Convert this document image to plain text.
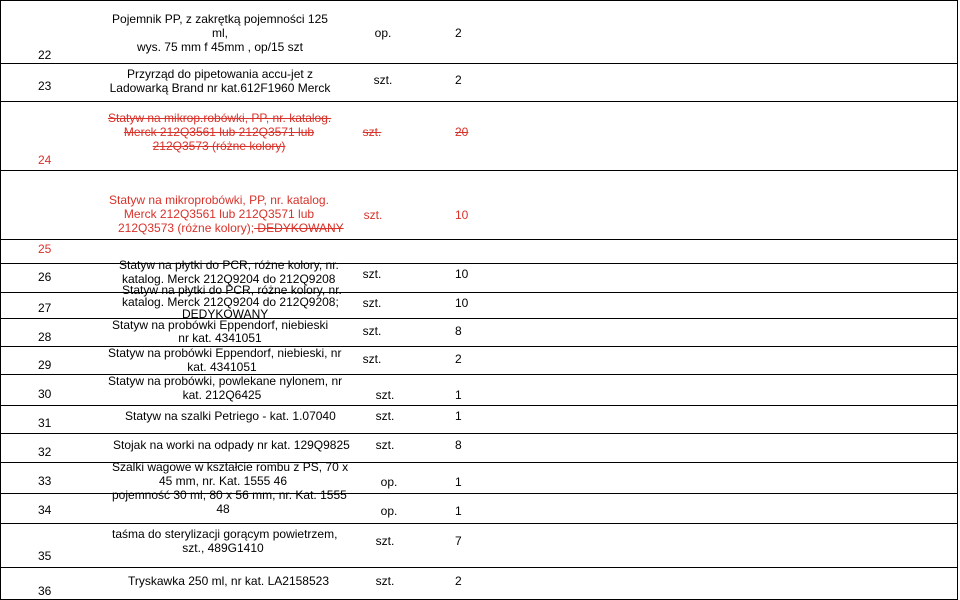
22
Pojemnik PP, z zakrętką pojemności 125
ml,
wys. 75 mm f 45mm , op/15 szt
op.	2
23
Przyrząd do pipetowania accu-jet z
Ladowarką Brand nr kat.612F1960 Merck
szt.	2
24
Statyw na mikrop.robówki, PP, nr. katalog.
Merck 212Q3561 lub 212Q3571 lub
212Q3573 (różne kolory)
szt.	20
25
Statyw na mikroprobówki, PP, nr. katalog.
Merck 212Q3561 lub 212Q3571 lub
212Q3573 (różne kolory); DEDYKOWANY
szt.	10
26
Statyw na płytki do PCR, różne kolory, nr.
katalog. Merck 212Q9204 do 212Q9208	szt.	10
27
Statyw na płytki do PCR, różne kolory, nr.
katalog. Merck 212Q9204 do 212Q9208;
DEDYKOWANY
szt.	10
28
Statyw na probówki Eppendorf, niebieski
nr kat. 4341051	szt.	8
29
Statyw na probówki Eppendorf, niebieski, nr
kat. 4341051
szt.	2
30
Statyw na probówki, powlekane nylonem, nr
kat. 212Q6425	szt.	1
31	Statyw na szalki Petriego - kat. 1.07040	szt.	1
32	Stojak na worki na odpady nr kat. 129Q9825	szt.	8
33
Szalki wagowe w kształcie rombu z PS, 70 x
45 mm, nr. Kat. 1555 46	op.	1
34
pojemność 30 ml, 80 x 56 mm, nr. Kat. 1555
48	op.	1
35
taśma do sterylizacji gorącym powietrzem,
szt., 489G1410	szt.	7
36
Tryskawka 250 ml, nr kat. LA2158523	szt.	2
